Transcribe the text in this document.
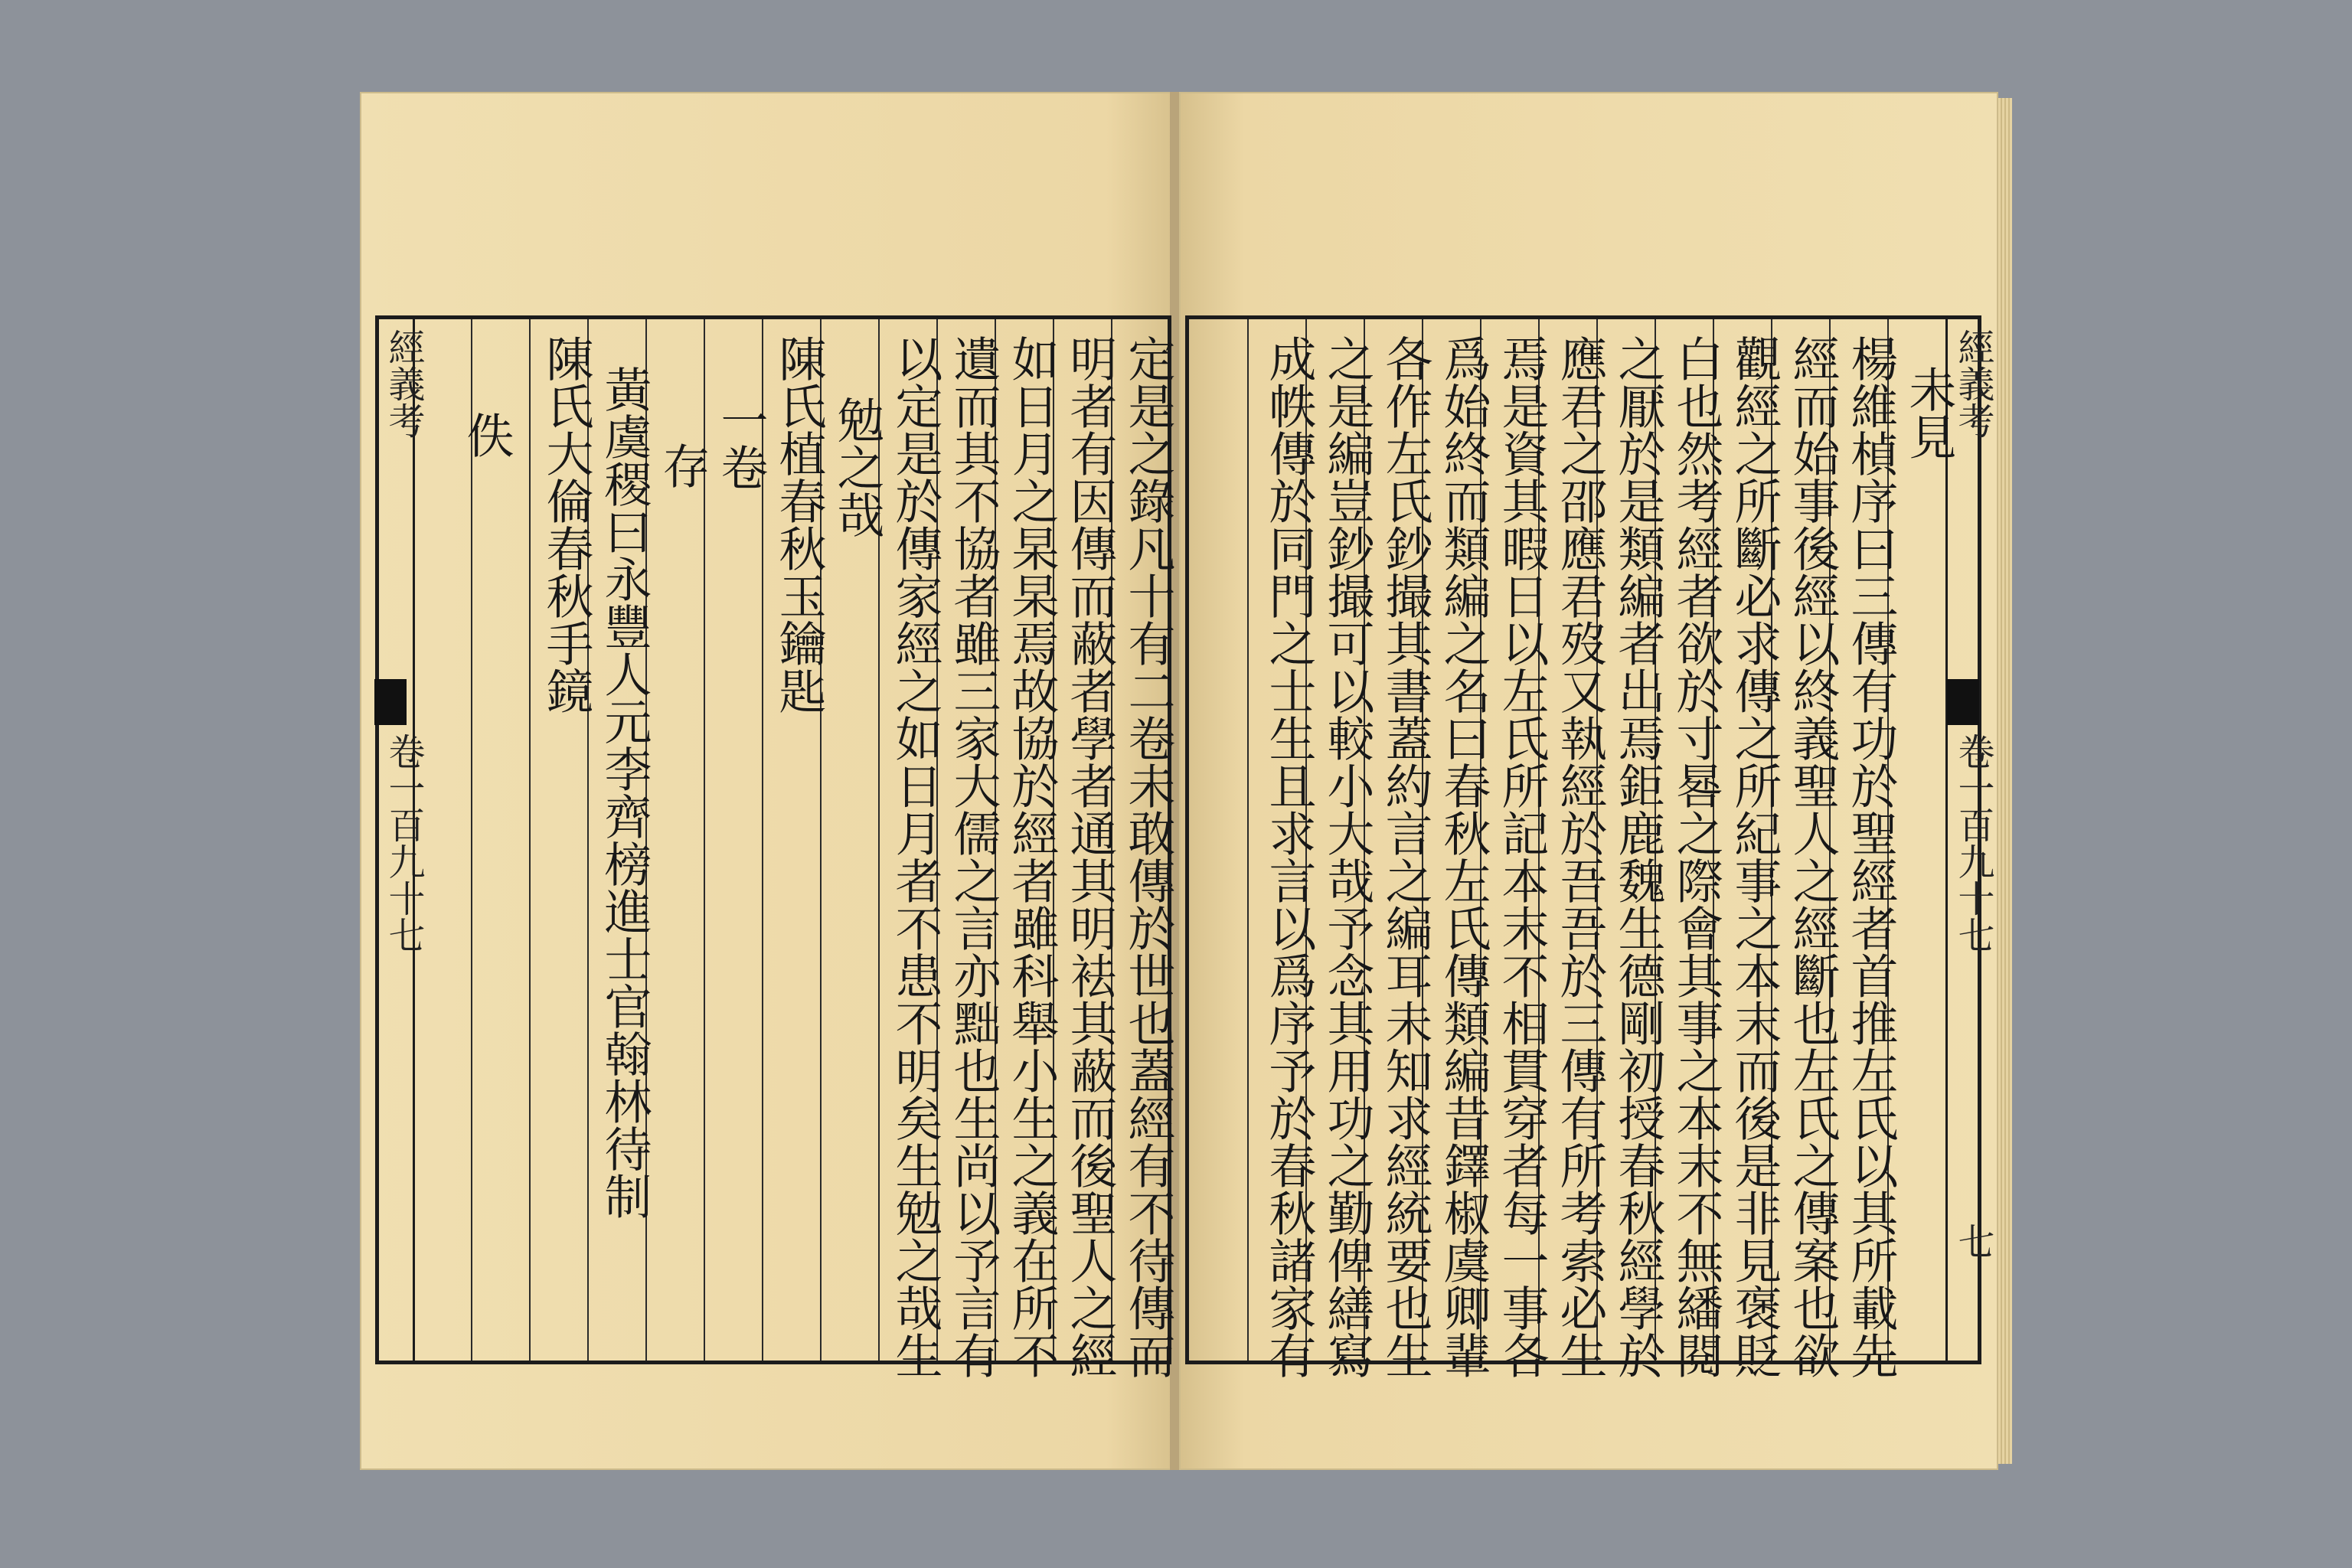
經義考
卷一百九十七	定是之錄凡十有二卷未敢傳於世也蓋經有不待傳而
明者有因傳而蔽者學者通其明袪其蔽而後聖人之經
如日月之杲杲焉故協於經者雖科舉小生之義在所不
遺而其不協者雖三家大儒之言亦黜也生尚以予言有
以定是於傳家經之如日月者不患不明矣生勉之哉生
勉之哉
陳氏植春秋玉鑰匙
一卷
存
黃虞稷曰永豐人元李齊榜進士官翰林待制
陳氏大倫春秋手鏡
佚	經義考
卷一百九十七
七
未見
楊維楨序曰三傳有功於聖經者首推左氏以其所載先
經而始事後經以終義聖人之經斷也左氏之傳案也欲
觀經之所斷必求傳之所紀事之本末而後是非見褒貶
白也然考經者欲於寸晷之際會其事之本末不無繙閱
之厭於是類編者出焉鉅鹿魏生德剛初授春秋經學於
應君之邵應君歿又執經於吾吾於三傳有所考索必生
焉是資其暇日以左氏所記本末不相貫穿者每一事各
爲始終而類編之名曰春秋左氏傳類編昔鐸椒虞卿輩
各作左氏鈔撮其書蓋約言之編耳未知求經統要也生
之是編豈鈔撮可以較小大哉予念其用功之勤俾繕寫
成帙傳於同門之士生且求言以爲序予於春秋諸家有
